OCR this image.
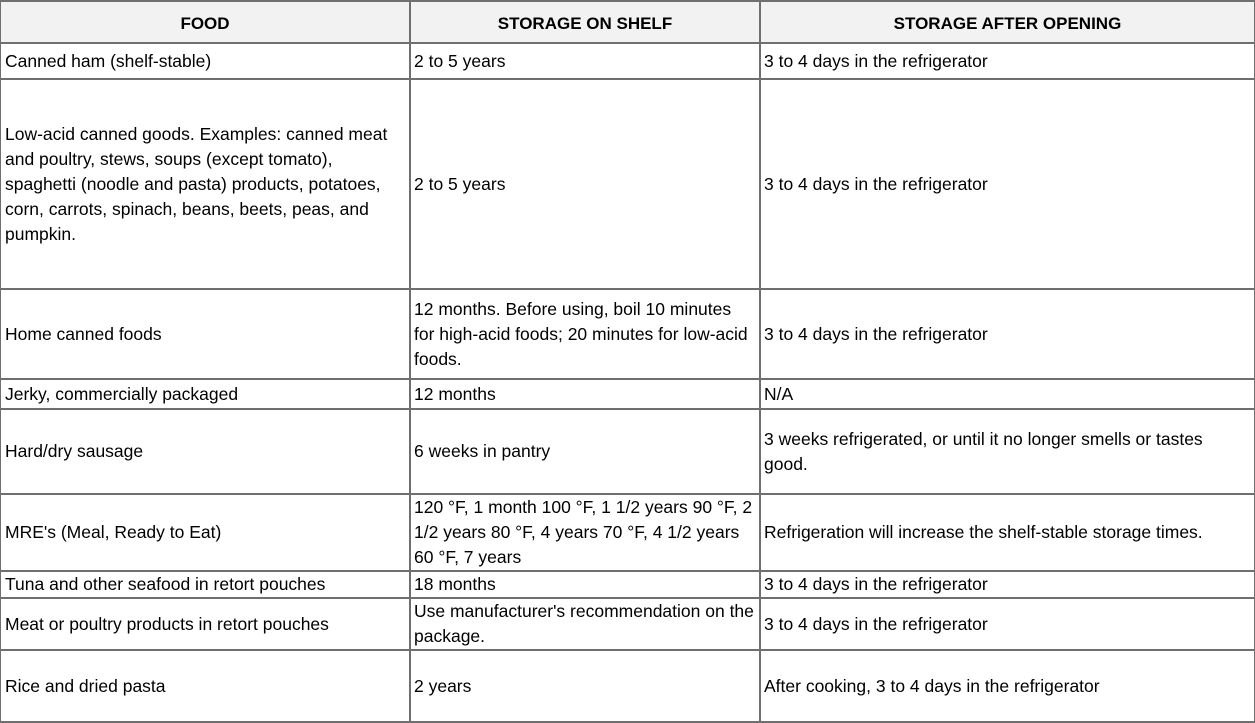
FOOD	STORAGE ON SHELF	STORAGE AFTER OPENING
Canned ham (shelf-stable)	2 to 5 years	3 to 4 days in the refrigerator
Low-acid canned goods. Examples: canned meat and poultry, stews, soups (except tomato), spaghetti (noodle and pasta) products, potatoes, corn, carrots, spinach, beans, beets, peas, and pumpkin.	2 to 5 years	3 to 4 days in the refrigerator
Home canned foods	12 months. Before using, boil 10 minutes for high-acid foods; 20 minutes for low-acid foods.	3 to 4 days in the refrigerator
Jerky, commercially packaged	12 months	N/A
Hard/dry sausage	6 weeks in pantry	3 weeks refrigerated, or until it no longer smells or tastes good.
MRE's (Meal, Ready to Eat)	120 °F, 1 month 100 °F, 1 1/2 years 90 °F, 2 1/2 years 80 °F, 4 years 70 °F, 4 1/2 years 60 °F, 7 years	Refrigeration will increase the shelf-stable storage times.
Tuna and other seafood in retort pouches	18 months	3 to 4 days in the refrigerator
Meat or poultry products in retort pouches	Use manufacturer's recommendation on the package.	3 to 4 days in the refrigerator
Rice and dried pasta	2 years	After cooking, 3 to 4 days in the refrigerator
